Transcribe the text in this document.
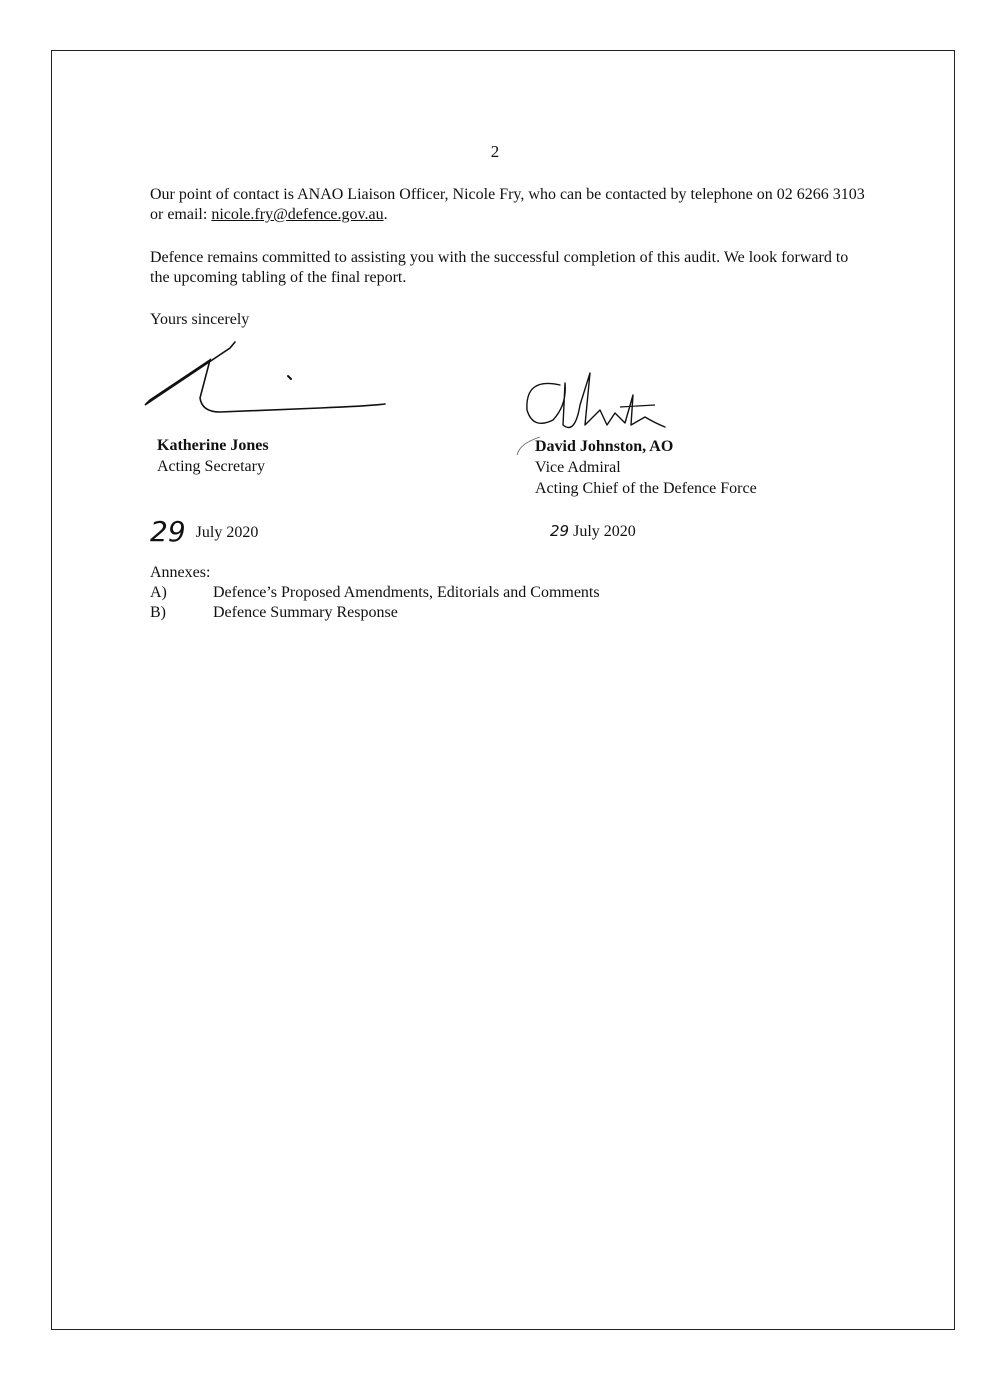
2
Our point of contact is ANAO Liaison Officer, Nicole Fry, who can be contacted by telephone on 02 6266 3103 or email: nicole.fry@defence.gov.au.
Defence remains committed to assisting you with the successful completion of this audit. We look forward to the upcoming tabling of the final report.
Yours sincerely
Katherine Jones
Acting Secretary
David Johnston, AO
Vice Admiral
Acting Chief of the Defence Force
29 July 2020	29 July 2020
Annexes:
A)	Defence’s Proposed Amendments, Editorials and Comments
B)	Defence Summary Response
